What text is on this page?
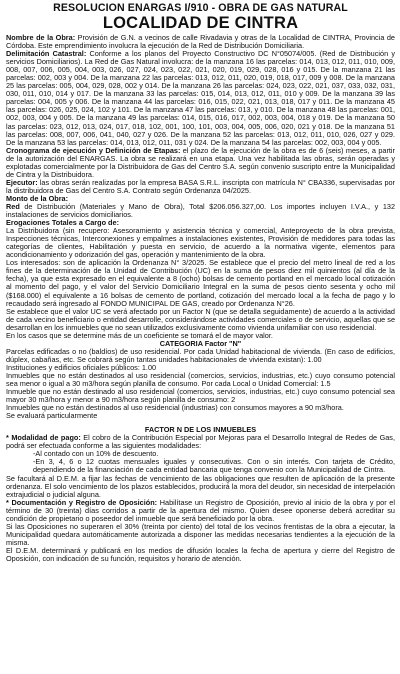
RESOLUCION ENARGAS I/910 - OBRA DE GAS NATURAL
LOCALIDAD DE CINTRA

Nombre de la Obra: Provisión de G.N. a vecinos de calle Rivadavia y otras de la Localidad de CINTRA, Provincia de Córdoba. Este emprendimiento involucra la ejecución de la Red de Distribución Domiciliaria.

Delimitación Catastral: Conforme a los planos del Proyecto Constructivo DC N°05074/005. (Red de Distribución y servicios Domiciliarios). La Red de Gas Natural involucra: de la manzana 16 las parcelas: 014, 013, 012, 011, 010, 009, 008, 007, 006, 005, 004, 003, 026, 027, 024, 023, 022, 021, 020, 019, 029, 028, 016 y 015. De la manzana 21 las parcelas: 002, 003 y 004. De la manzana 22 las parcelas: 013, 012, 011, 020, 019, 018, 017, 009 y 008. De la manzana 25 las parcelas: 005, 004, 029, 028, 002 y 014. De la manzana 26 las parcelas: 024, 023, 022, 021, 037, 033, 032, 031, 030, 011, 010, 014 y 017. De la manzana 33 las parcelas: 015, 014, 013, 012, 011, 010 y 009. De la manzana 39 las parcelas: 004, 005 y 006. De la manzana 44 las parcelas: 016, 015, 022, 021, 013, 018, 017 y 011. De la manzana 45 las parcelas: 026, 025, 024, 102 y 101. De la manzana 47 las parcelas: 013, y 010. De la manzana 48 las parcelas: 001, 002, 003, 004 y 005. De la manzana 49 las parcelas: 014, 015, 016, 017, 002, 003, 004, 018 y 019. De la manzana 50 las parcelas: 023, 012, 013, 024, 017, 018, 102, 001, 100, 101, 003, 004, 005, 006, 020, 021 y 018. De la manzana 51 las parcelas: 008, 007, 006, 041, 040, 027 y 026. De la manzana 52 las parcelas: 013, 012, 011, 010, 026, 027 y 029. De la manzana 53 las parcelas: 014, 013, 012, 011, 031 y 024. De la manzana 54 las parcelas: 002, 003, 004 y 005.

Cronograma de ejecución y Definición de Etapas: el plazo de la ejecución de la obra es de 6 (seis) meses, a partir de la autorización del ENARGAS. La obra se realizará en una etapa. Una vez habilitada las obras, serán operadas y explotadas comercialmente por la Distribuidora de Gas del Centro S.A. según convenio suscripto entre la Municipalidad de Cintra y la Distribuidora.

Ejecutor: las obras serán realizadas por la empresa BASA S.R.L. inscripta con matrícula N° CBA336, supervisadas por la distribuidora de Gas del Centro S.A. Contrato según Ordenanza 04/2025.

Monto de la Obra:

Red de Distribución (Materiales y Mano de Obra), Total $206.056.327,00. Los importes incluyen I.V.A., y 132 instalaciones de servicios domiciliarios.

Erogaciones Totales a Cargo de:

La Distribuidora (sin recupero: Asesoramiento y asistencia técnica y comercial, Anteproyecto de la obra prevista, Inspecciones técnicas, Interconexiones y empalmes a instalaciones existentes, Provisión de medidores para todas las categorías de clientes, Habilitación y puesta en servicio, de acuerdo a la normativa vigente, elementos para acondicionamiento y odorización del gas, operación y mantenimiento de la obra.

Los interesados: son de aplicación la Ordenanza N° 3/2025. Se establece que el precio del metro lineal de red a los fines de la determinación de la Unidad de Contribución (UC) en la suma de pesos diez mil quinientos (al día de la fecha), ya que esta expresado en el equivalente a 8 (ocho) bolsas de cemento portland en el mercado local cotización al momento del pago, y el valor del Servicio Domiciliario Integral en la suma de pesos ciento sesenta y ocho mil ($168.000) el equivalente a 16 bolsas de cemento de portland, cotización del mercado local a la fecha de pago y lo recaudado será ingresado al FONDO MUNICIPAL DE GAS, creado por Ordenanza N°26.

Se establece que el valor UC se verá afectado por un Factor N (que se detalla seguidamente) de acuerdo a la actividad de cada vecino beneficiario o entidad desarrolle, considerándose actividades comerciales o de servicio, aquellas que se desarrollan en los inmuebles que no sean utilizados exclusivamente como vivienda unifamiliar con uso residencial.

En los casos que se determine más de un coeficiente se tomará el de mayor valor.

CATEGORIA Factor "N"

Parcelas edificadas o no (baldíos) de uso residencial. Por cada Unidad habitacional de vivienda. (En caso de edificios, dúplex, cabañas, etc. Se cobrará según tantas unidades habitacionales de vivienda existan): 1.00

Instituciones y edificios oficiales públicos: 1.00

Inmuebles que no están destinados al uso residencial (comercios, servicios, industrias, etc.) cuyo consumo potencial sea menor o igual a 30 m3/hora según planilla de consumo. Por cada Local o Unidad Comercial: 1.5

Inmueble que no están destinado al uso residencial (comercios, servicios, industrias, etc.) cuyo consumo potencial sea mayor 30 m3/hora y menor a 90 m3/hora según planilla de consumo: 2

Inmuebles que no están destinados al uso residencial (industrias) con consumos mayores a 90 m3/hora.

Se evaluará particularmente

FACTOR N DE LOS INMUEBLES

* Modalidad de pago: El cobro de la Contribución Especial por Mejoras para el Desarrollo Integral de Redes de Gas, podrá ser efectuada conforme a las siguientes modalidades:

-Al contado con un 10% de descuento.

-En 3, 4, 6 o 12 cuotas mensuales iguales y consecutivas. Con o sin interés. Con tarjeta de Crédito, dependiendo de la financiación de cada entidad bancaria que tenga convenio con la Municipalidad de Cintra.

Se facultará al D.E.M. a fijar las fechas de vencimiento de las obligaciones que resulten de aplicación de la presente ordenanza. El solo vencimiento de los plazos establecidos, producirá la mora del deudor, sin necesidad de interpelación extrajudicial o judicial alguna.

* Documentación y Registro de Oposición: Habilítase un Registro de Oposición, previo al inicio de la obra y por el término de 30 (treinta) días corridos a partir de la apertura del mismo. Quien desee oponerse deberá acreditar su condición de propietario o poseedor del inmueble que será beneficiado por la obra.

Si las Oposiciones no superaren el 30% (treinta por ciento) del total de los vecinos frentistas de la obra a ejecutar, la Municipalidad quedara automáticamente autorizada a disponer las medidas necesarias tendientes a la ejecución de la misma.

El D.E.M. determinará y publicará en los medios de difusión locales la fecha de apertura y cierre del Registro de Oposición, con indicación de su función, requisitos y horario de atención.
